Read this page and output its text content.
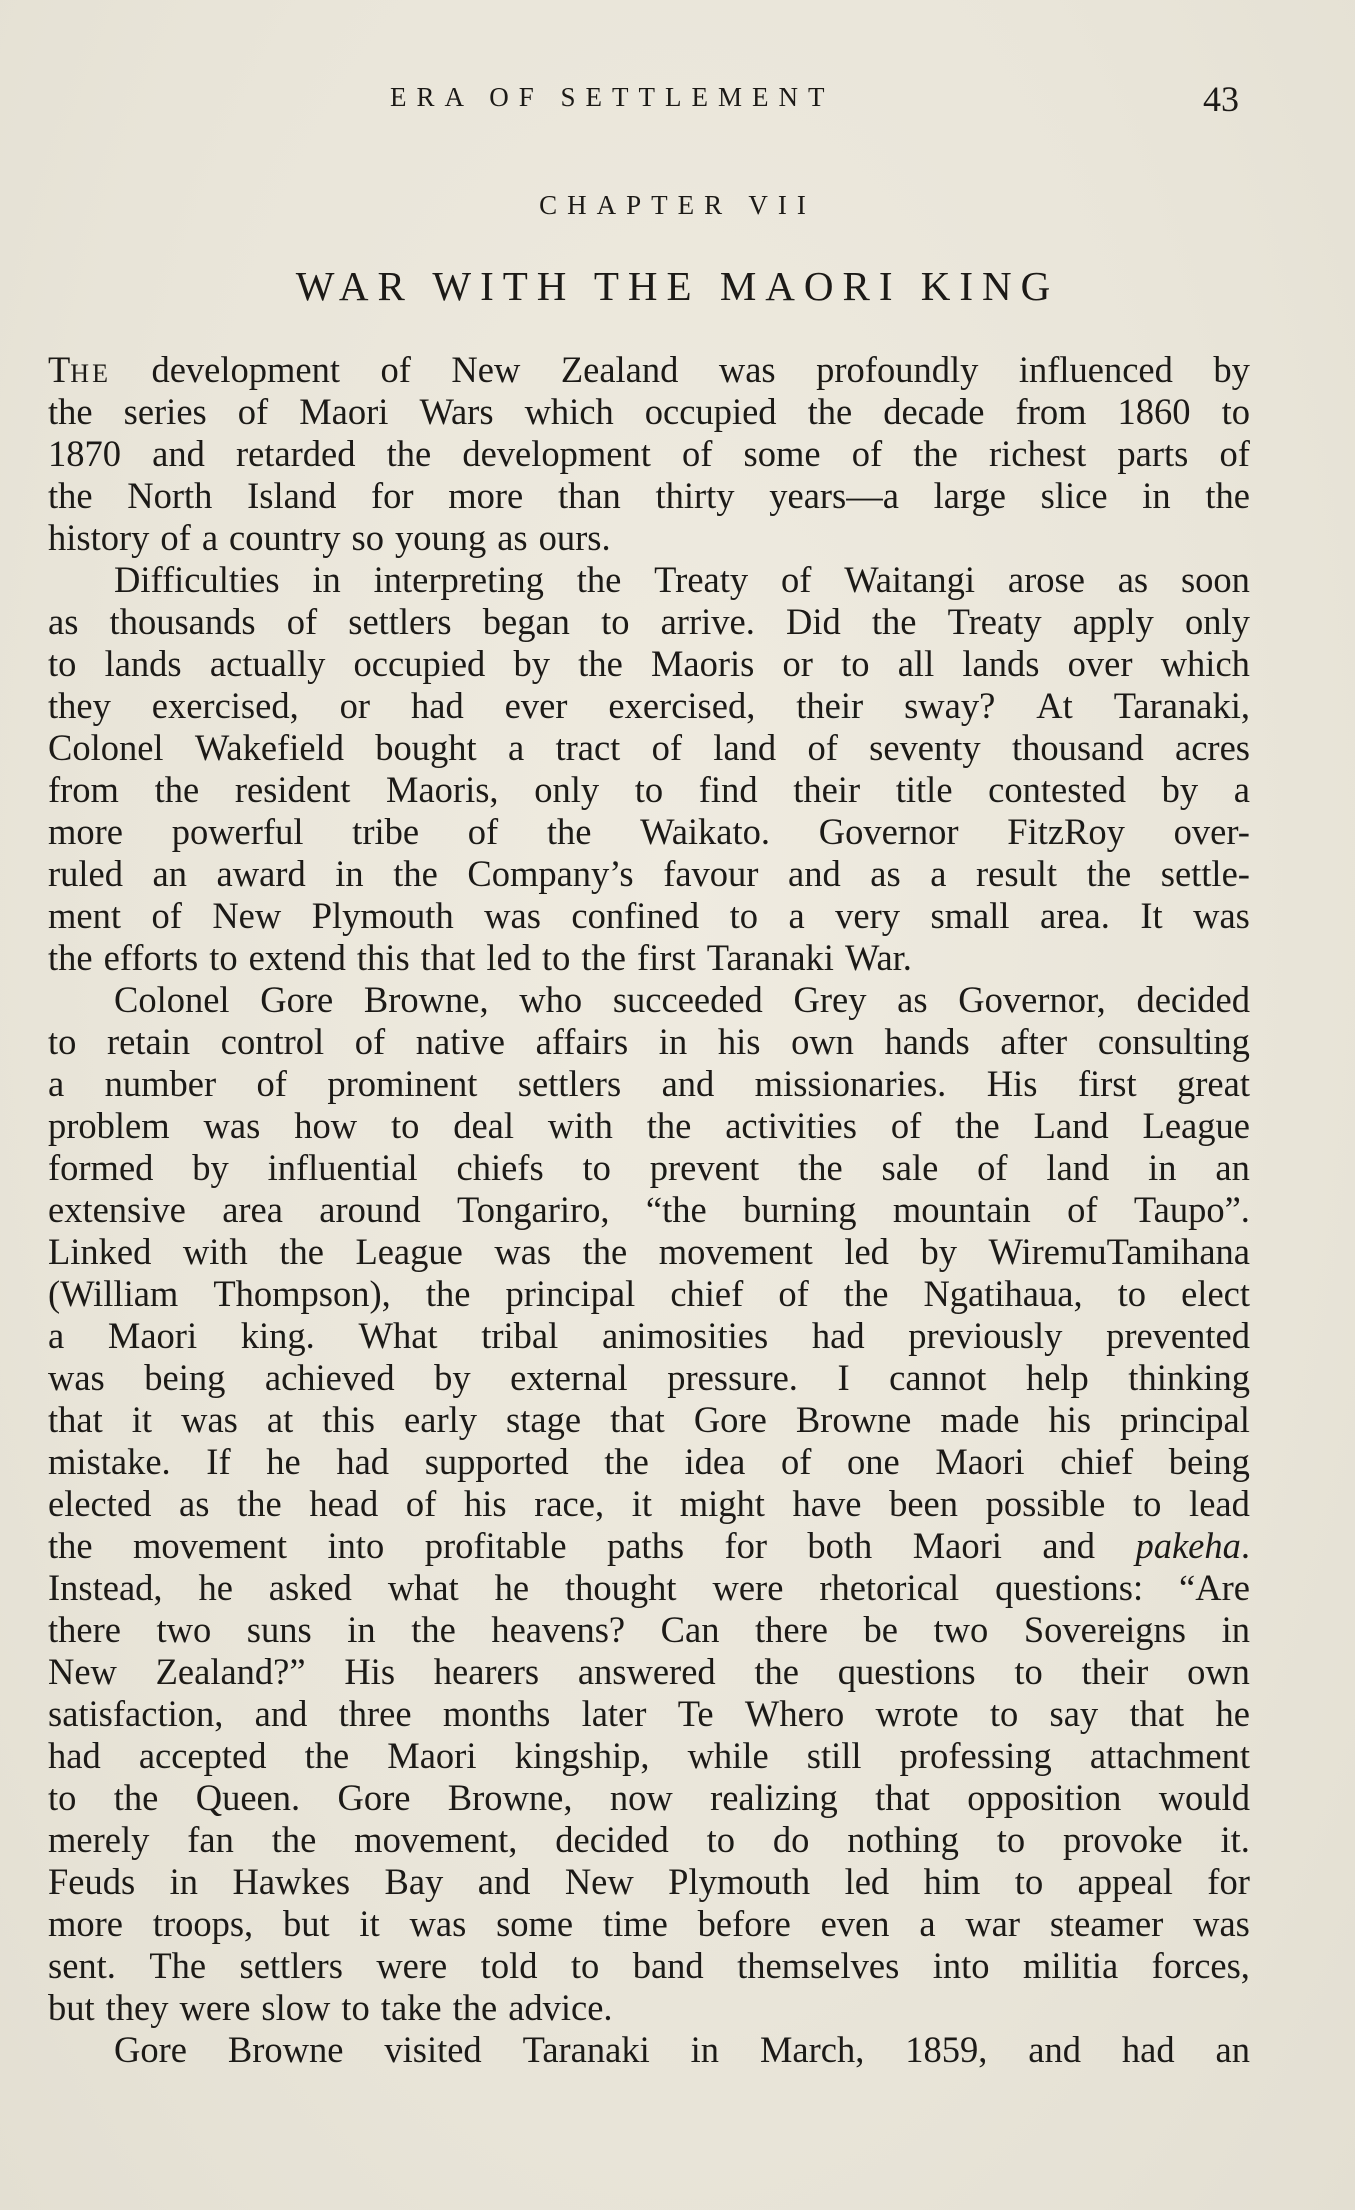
ERA OF SETTLEMENT	43
CHAPTER VII
WAR WITH THE MAORI KING
The development of New Zealand was profoundly influenced by
the series of Maori Wars which occupied the decade from 1860 to
1870 and retarded the development of some of the richest parts of
the North Island for more than thirty years—a large slice in the
history of a country so young as ours.
Difficulties in interpreting the Treaty of Waitangi arose as soon
as thousands of settlers began to arrive. Did the Treaty apply only
to lands actually occupied by the Maoris or to all lands over which
they exercised, or had ever exercised, their sway? At Taranaki,
Colonel Wakefield bought a tract of land of seventy thousand acres
from the resident Maoris, only to find their title contested by a
more powerful tribe of the Waikato. Governor FitzRoy over-
ruled an award in the Company’s favour and as a result the settle-
ment of New Plymouth was confined to a very small area. It was
the efforts to extend this that led to the first Taranaki War.
Colonel Gore Browne, who succeeded Grey as Governor, decided
to retain control of native affairs in his own hands after consulting
a number of prominent settlers and missionaries. His first great
problem was how to deal with the activities of the Land League
formed by influential chiefs to prevent the sale of land in an
extensive area around Tongariro, “the burning mountain of Taupo”.
Linked with the League was the movement led by WiremuTamihana
(William Thompson), the principal chief of the Ngatihaua, to elect
a Maori king. What tribal animosities had previously prevented
was being achieved by external pressure. I cannot help thinking
that it was at this early stage that Gore Browne made his principal
mistake. If he had supported the idea of one Maori chief being
elected as the head of his race, it might have been possible to lead
the movement into profitable paths for both Maori and pakeha.
Instead, he asked what he thought were rhetorical questions: “Are
there two suns in the heavens? Can there be two Sovereigns in
New Zealand?” His hearers answered the questions to their own
satisfaction, and three months later Te Whero wrote to say that he
had accepted the Maori kingship, while still professing attachment
to the Queen. Gore Browne, now realizing that opposition would
merely fan the movement, decided to do nothing to provoke it.
Feuds in Hawkes Bay and New Plymouth led him to appeal for
more troops, but it was some time before even a war steamer was
sent. The settlers were told to band themselves into militia forces,
but they were slow to take the advice.
Gore Browne visited Taranaki in March, 1859, and had an
